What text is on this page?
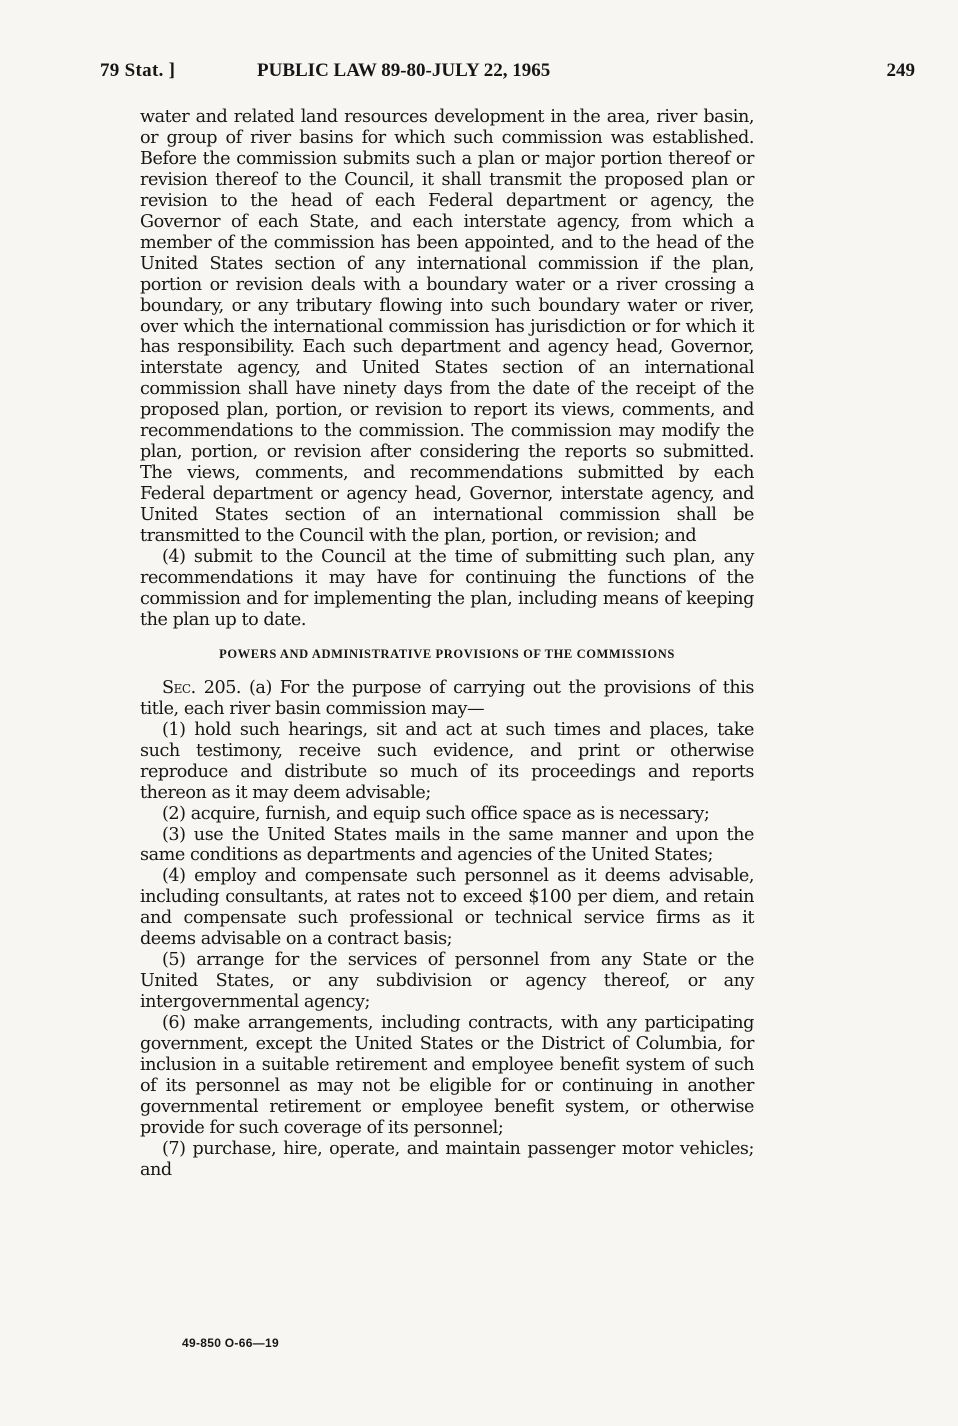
79 Stat. ]	PUBLIC LAW 89-80-JULY 22, 1965	249

water and related land resources development in the area, river basin, or group of river basins for which such commission was established. Before the commission submits such a plan or major portion thereof or revision thereof to the Council, it shall transmit the proposed plan or revision to the head of each Federal department or agency, the Governor of each State, and each interstate agency, from which a member of the commission has been appointed, and to the head of the United States section of any international commission if the plan, portion or revision deals with a boundary water or a river crossing a boundary, or any tributary flowing into such boundary water or river, over which the international commission has jurisdiction or for which it has responsibility. Each such department and agency head, Governor, interstate agency, and United States section of an international commission shall have ninety days from the date of the receipt of the proposed plan, portion, or revision to report its views, comments, and recommendations to the commission. The commission may modify the plan, portion, or revision after considering the reports so submitted. The views, comments, and recommendations submitted by each Federal department or agency head, Governor, interstate agency, and United States section of an international commission shall be transmitted to the Council with the plan, portion, or revision; and

(4) submit to the Council at the time of submitting such plan, any recommendations it may have for continuing the functions of the commission and for implementing the plan, including means of keeping the plan up to date.

POWERS AND ADMINISTRATIVE PROVISIONS OF THE COMMISSIONS

Sec. 205. (a) For the purpose of carrying out the provisions of this title, each river basin commission may—

(1) hold such hearings, sit and act at such times and places, take such testimony, receive such evidence, and print or otherwise reproduce and distribute so much of its proceedings and reports thereon as it may deem advisable;

(2) acquire, furnish, and equip such office space as is necessary;

(3) use the United States mails in the same manner and upon the same conditions as departments and agencies of the United States;

(4) employ and compensate such personnel as it deems advisable, including consultants, at rates not to exceed $100 per diem, and retain and compensate such professional or technical service firms as it deems advisable on a contract basis;

(5) arrange for the services of personnel from any State or the United States, or any subdivision or agency thereof, or any intergovernmental agency;

(6) make arrangements, including contracts, with any participating government, except the United States or the District of Columbia, for inclusion in a suitable retirement and employee benefit system of such of its personnel as may not be eligible for or continuing in another governmental retirement or employee benefit system, or otherwise provide for such coverage of its personnel;

(7) purchase, hire, operate, and maintain passenger motor vehicles; and

49-850 O-66—19
